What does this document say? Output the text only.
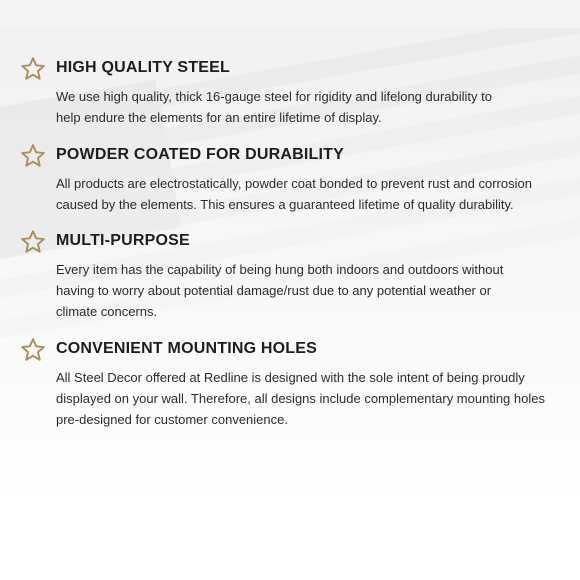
HIGH QUALITY STEEL

We use high quality, thick 16-gauge steel for rigidity and lifelong durability to
help endure the elements for an entire lifetime of display.

POWDER COATED FOR DURABILITY

All products are electrostatically, powder coat bonded to prevent rust and corrosion
caused by the elements. This ensures a guaranteed lifetime of quality durability.

MULTI-PURPOSE

Every item has the capability of being hung both indoors and outdoors without
having to worry about potential damage/rust due to any potential weather or
climate concerns.

CONVENIENT MOUNTING HOLES

All Steel Decor offered at Redline is designed with the sole intent of being proudly
displayed on your wall. Therefore, all designs include complementary mounting holes
pre-designed for customer convenience.
